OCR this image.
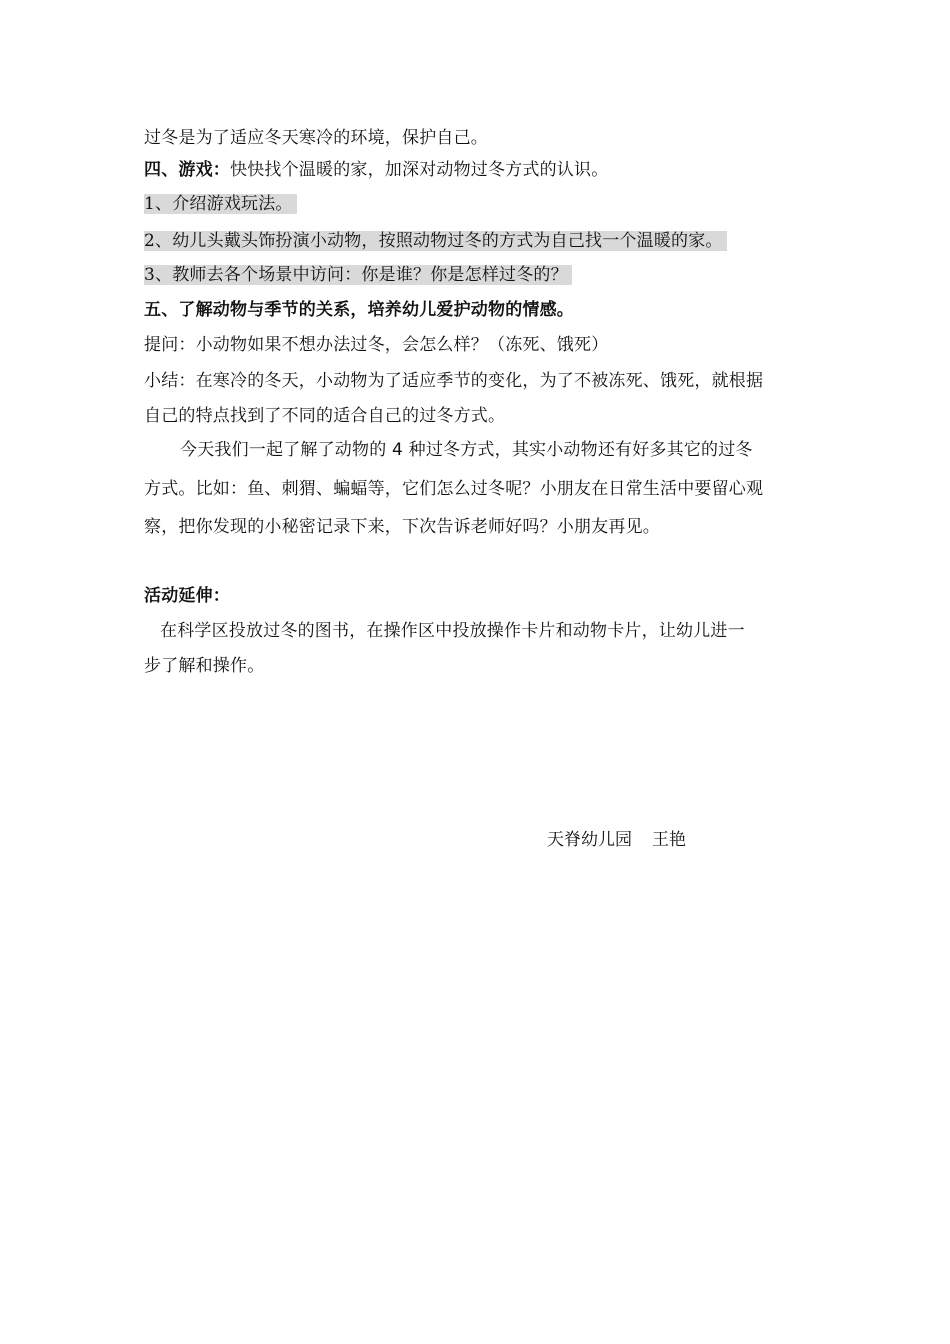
过冬是为了适应冬天寒冷的环境，保护自己。
四、游戏：快快找个温暖的家，加深对动物过冬方式的认识。
1、介绍游戏玩法。
2、幼儿头戴头饰扮演小动物，按照动物过冬的方式为自己找一个温暖的家。
3、教师去各个场景中访问：你是谁？你是怎样过冬的？
五、了解动物与季节的关系，培养幼儿爱护动物的情感。
提问：小动物如果不想办法过冬，会怎么样？（冻死、饿死）
小结：在寒冷的冬天，小动物为了适应季节的变化，为了不被冻死、饿死，就根据
自己的特点找到了不同的适合自己的过冬方式。
今天我们一起了解了动物的 4 种过冬方式，其实小动物还有好多其它的过冬
方式。比如：鱼、刺猬、蝙蝠等，它们怎么过冬呢？小朋友在日常生活中要留心观
察，把你发现的小秘密记录下来，下次告诉老师好吗？小朋友再见。
活动延伸：
在科学区投放过冬的图书，在操作区中投放操作卡片和动物卡片，让幼儿进一
步了解和操作。
天脊幼儿园 王艳
